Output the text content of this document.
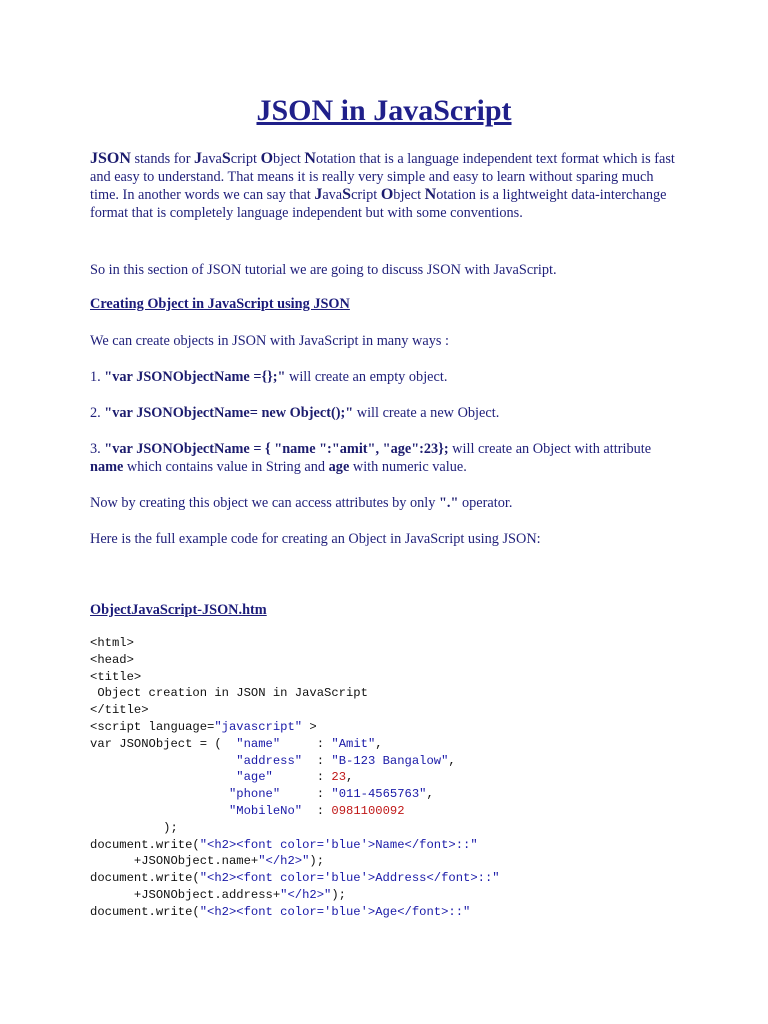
JSON in JavaScript

JSON stands for JavaScript Object Notation that is a language independent text format which is fast and easy to understand. That means it is really very simple and easy to learn without sparing much time. In another words we can say that JavaScript Object Notation is a lightweight data-interchange format that is completely language independent but with some conventions.

So in this section of JSON tutorial we are going to discuss JSON with JavaScript.

Creating Object in JavaScript using JSON

We can create objects in JSON with JavaScript in many ways :

1. "var JSONObjectName ={};" will create an empty object.

2. "var JSONObjectName= new Object();" will create a new Object.

3. "var JSONObjectName = { "name ":"amit", "age":23}; will create an Object with attribute name which contains value in String and age with numeric value.

Now by creating this object we can access attributes by only "." operator.

Here is the full example code for creating an Object in JavaScript using JSON:

ObjectJavaScript-JSON.htm

<html>
<head>
<title>
Object creation in JSON in JavaScript
</title>
<script language="javascript" >
var JSONObject = (  "name"     : "Amit",
"address"  : "B-123 Bangalow",
"age"      : 23,
"phone"     : "011-4565763",
"MobileNo"  : 0981100092
);
document.write("<h2><font color='blue'>Name</font>::"
+JSONObject.name+"</h2>");
document.write("<h2><font color='blue'>Address</font>::"
+JSONObject.address+"</h2>");
document.write("<h2><font color='blue'>Age</font>::"
